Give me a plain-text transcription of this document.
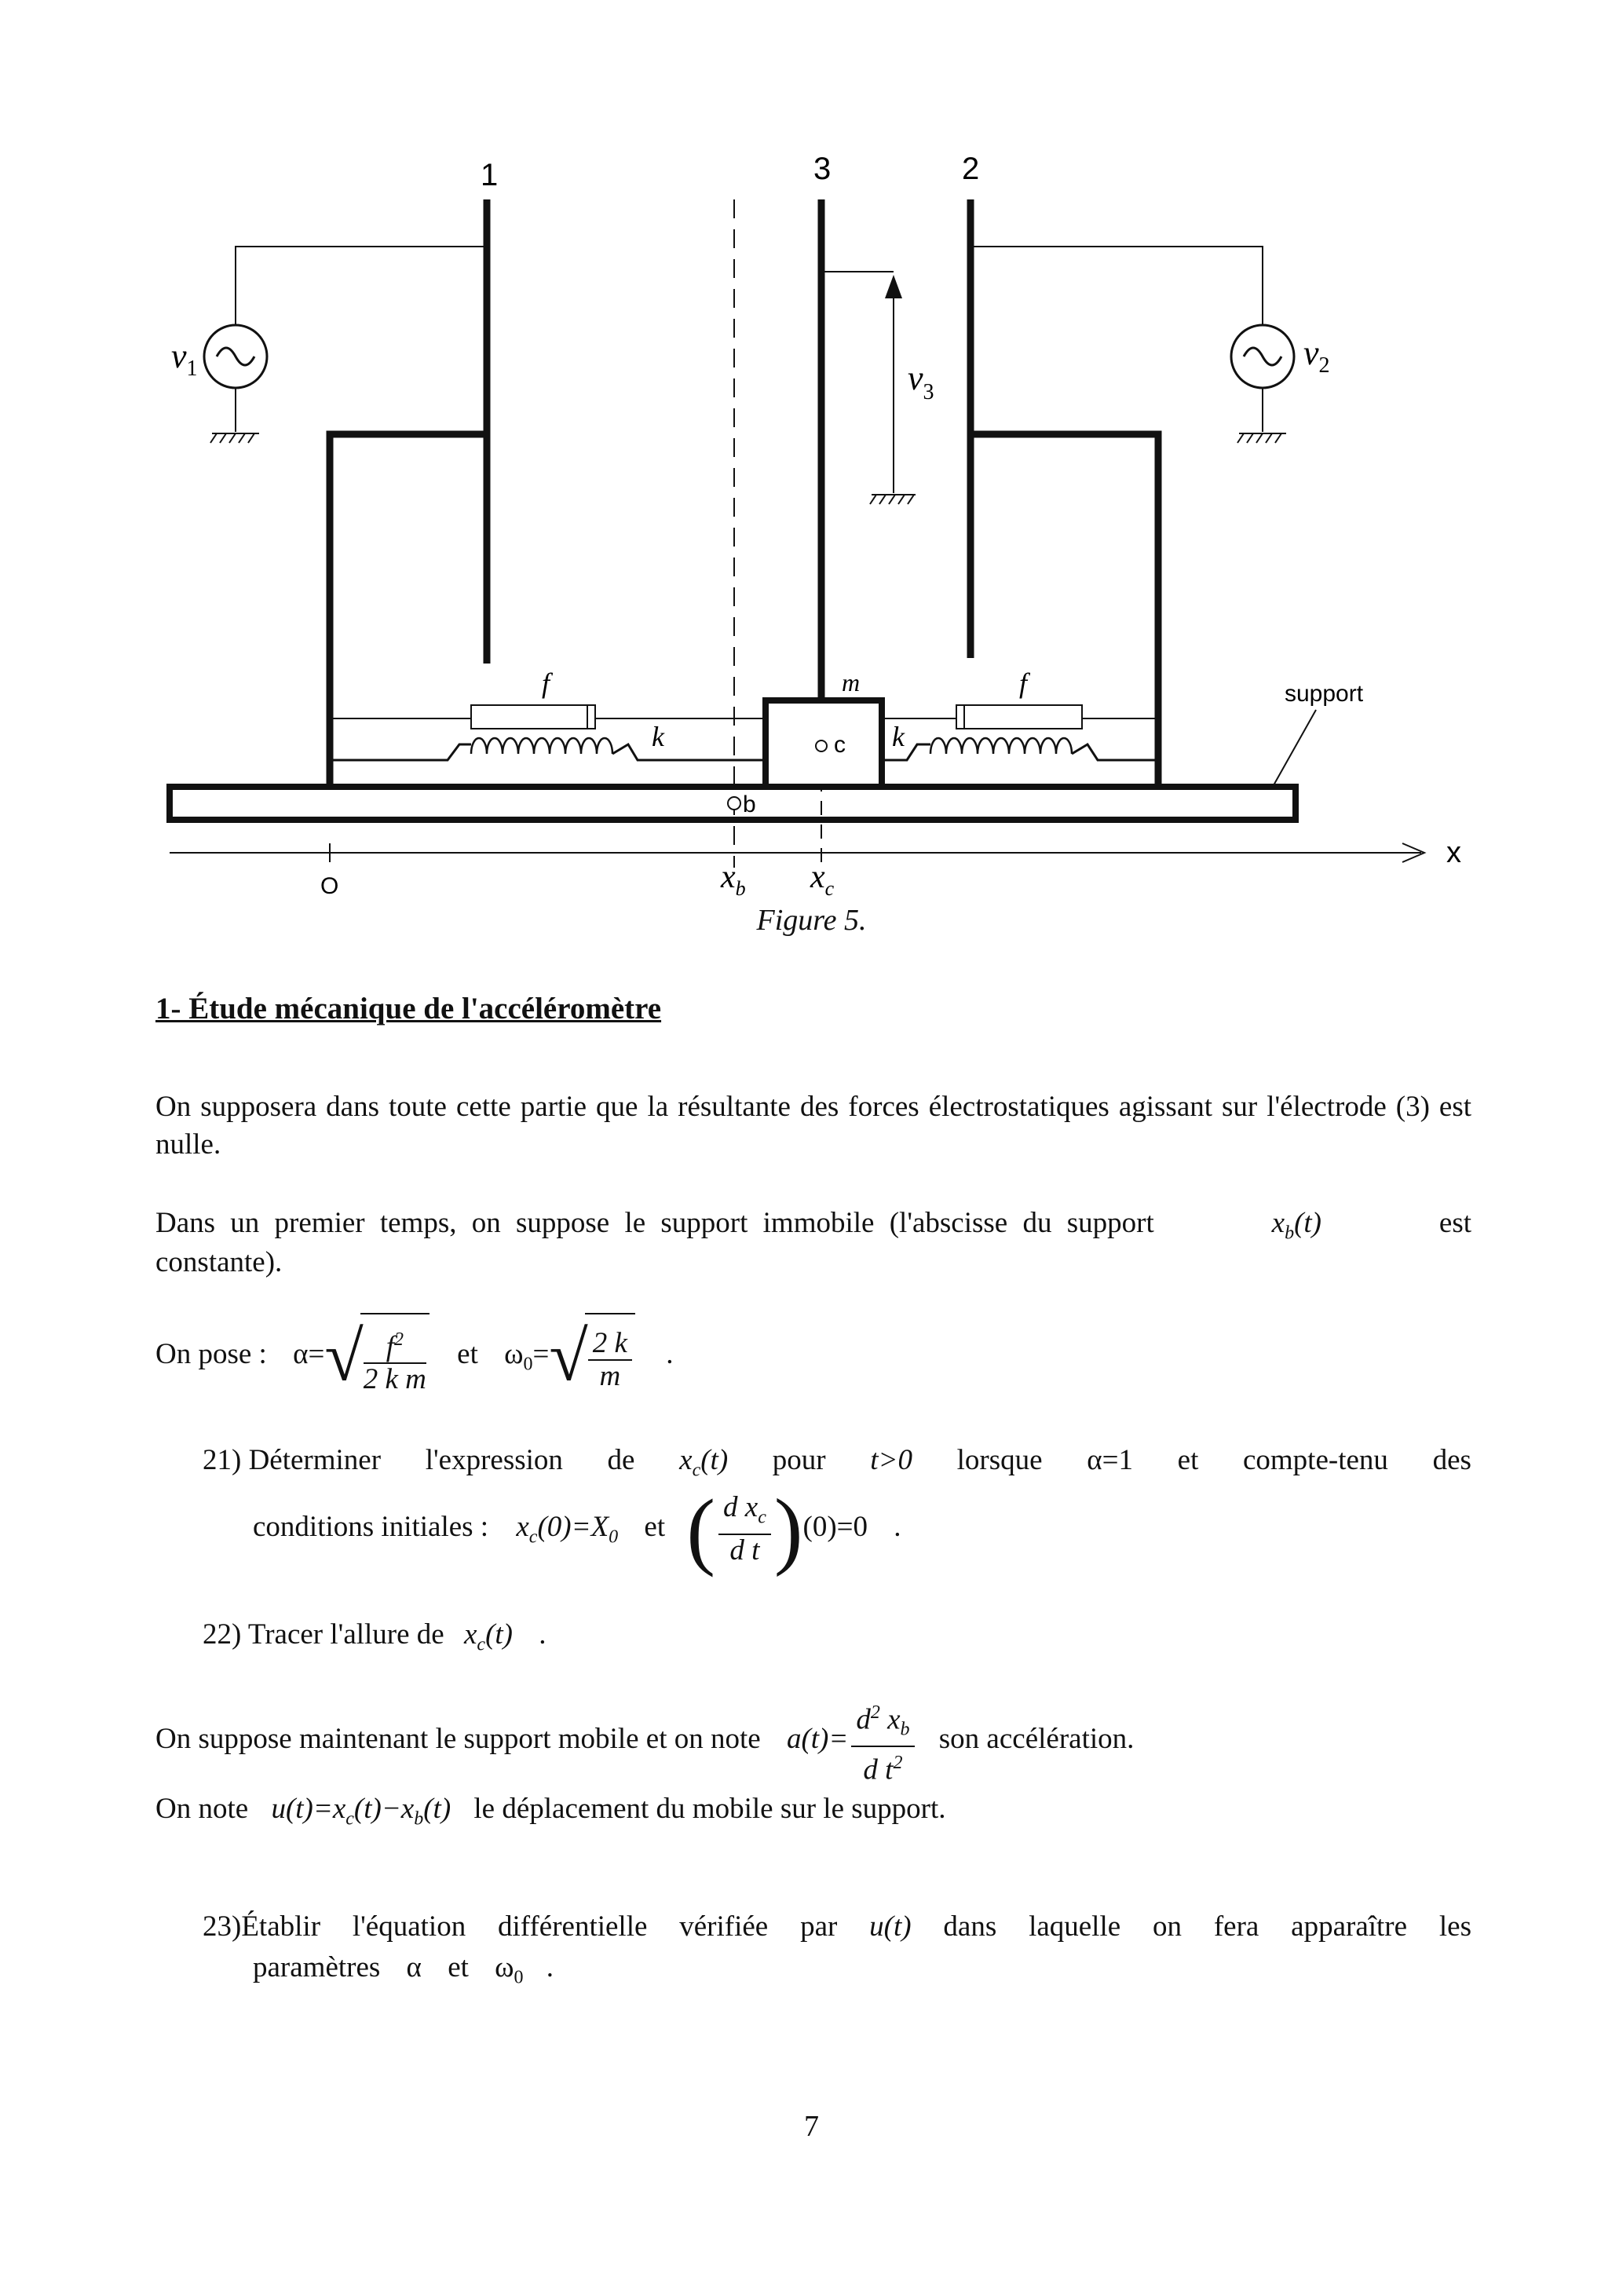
1	3	2
$v_1$	$v_2$
$v_3$
f	f
k	k
m	support
c
b
x
O	$x_b$ $x_c$
Figure 5.
1- Étude mécanique de l'accéléromètre
On supposera dans toute cette partie que la résultante des forces électrostatiques agissant sur l'électrode (3) est nulle.
Dans un premier temps, on suppose le support immobile (l'abscisse du support	$x_b(t)$	est
constante).
On pose : $\alpha=√ \frac{f^2}{\text{2 k m}}$ et $\omega_0=√ \frac{2 k}{m}$ .
21) Déterminer l'expression de $x_c(t)$ pour t>0 lorsque α=1 et compte-tenu des
conditions initiales : $x_c(0)=X_0$ et ( $\frac{d x_c}{\text{d t}} )(0)=0$ .
22) Tracer l'allure de $x_c(t)$ .
On suppose maintenant le support mobile et on note $a(t)= \frac{d^2 x_b}{d t^2}$ son accélération.
On note $u(t)=x_c(t)-x_b(t)$ le déplacement du mobile sur le support.
23)Établir l'équation différentielle vérifiée par u(t) dans laquelle on fera apparaître les
paramètres α et $\omega_0$ .
7
